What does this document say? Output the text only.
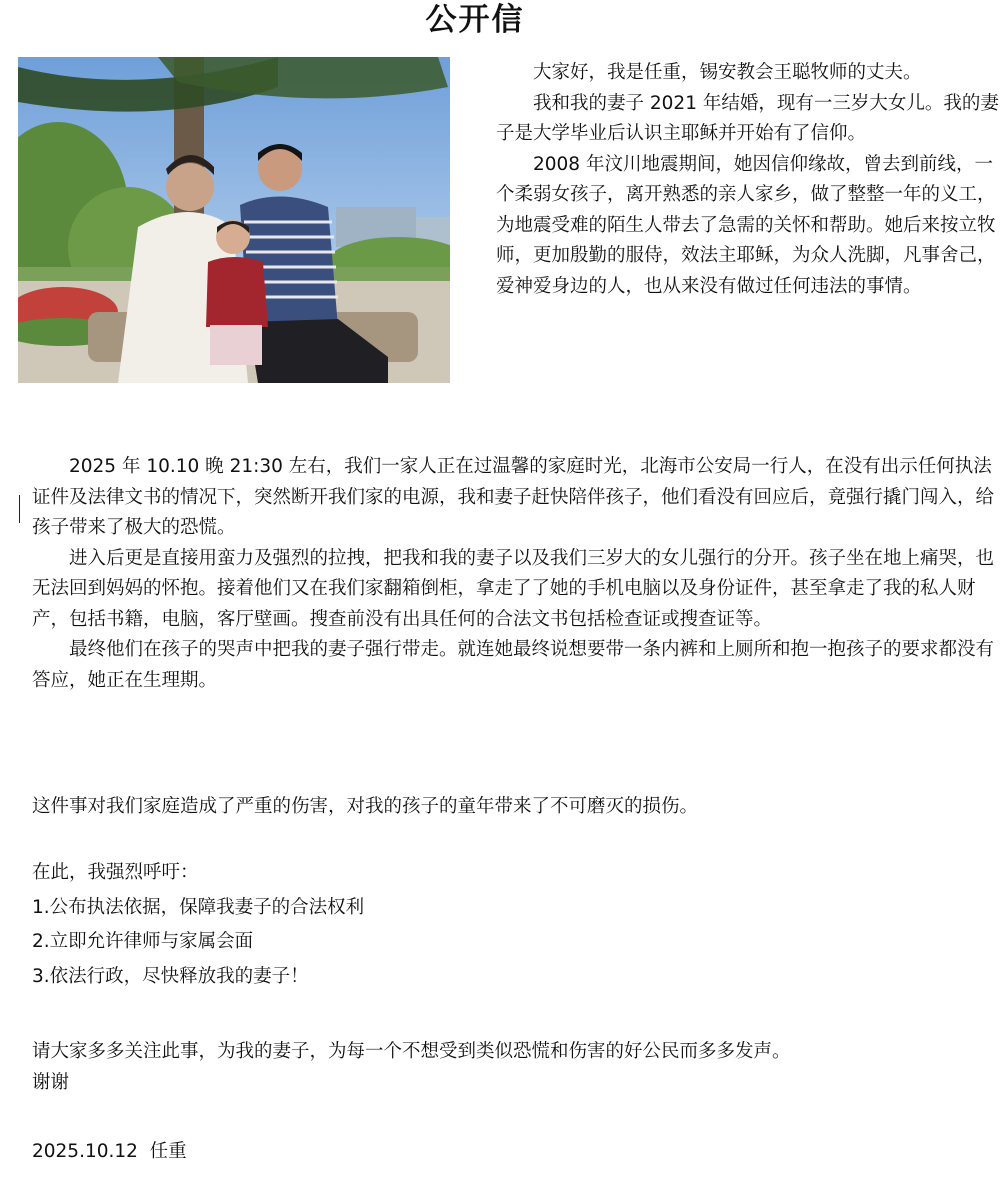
公开信

大家好，我是任重，锡安教会王聪牧师的丈夫。

我和我的妻子 2021 年结婚，现有一三岁大女儿。我的妻子是大学毕业后认识主耶稣并开始有了信仰。

2008 年汶川地震期间，她因信仰缘故，曾去到前线，一个柔弱女孩子，离开熟悉的亲人家乡，做了整整一年的义工，为地震受难的陌生人带去了急需的关怀和帮助。她后来按立牧师，更加殷勤的服侍，效法主耶稣，为众人洗脚，凡事舍己，爱神爱身边的人，也从来没有做过任何违法的事情。

2025 年 10.10 晚 21:30 左右，我们一家人正在过温馨的家庭时光，北海市公安局一行人，在没有出示任何执法证件及法律文书的情况下，突然断开我们家的电源，我和妻子赶快陪伴孩子，他们看没有回应后，竟强行撬门闯入，给孩子带来了极大的恐慌。

进入后更是直接用蛮力及强烈的拉拽，把我和我的妻子以及我们三岁大的女儿强行的分开。孩子坐在地上痛哭，也无法回到妈妈的怀抱。接着他们又在我们家翻箱倒柜，拿走了了她的手机电脑以及身份证件，甚至拿走了我的私人财产，包括书籍，电脑，客厅壁画。搜查前没有出具任何的合法文书包括检查证或搜查证等。

最终他们在孩子的哭声中把我的妻子强行带走。就连她最终说想要带一条内裤和上厕所和抱一抱孩子的要求都没有答应，她正在生理期。

这件事对我们家庭造成了严重的伤害，对我的孩子的童年带来了不可磨灭的损伤。

在此，我强烈呼吁：

1.公布执法依据，保障我妻子的合法权利

2.立即允许律师与家属会面

3.依法行政，尽快释放我的妻子！

请大家多多关注此事，为我的妻子，为每一个不想受到类似恐慌和伤害的好公民而多多发声。

谢谢

2025.10.12  任重
